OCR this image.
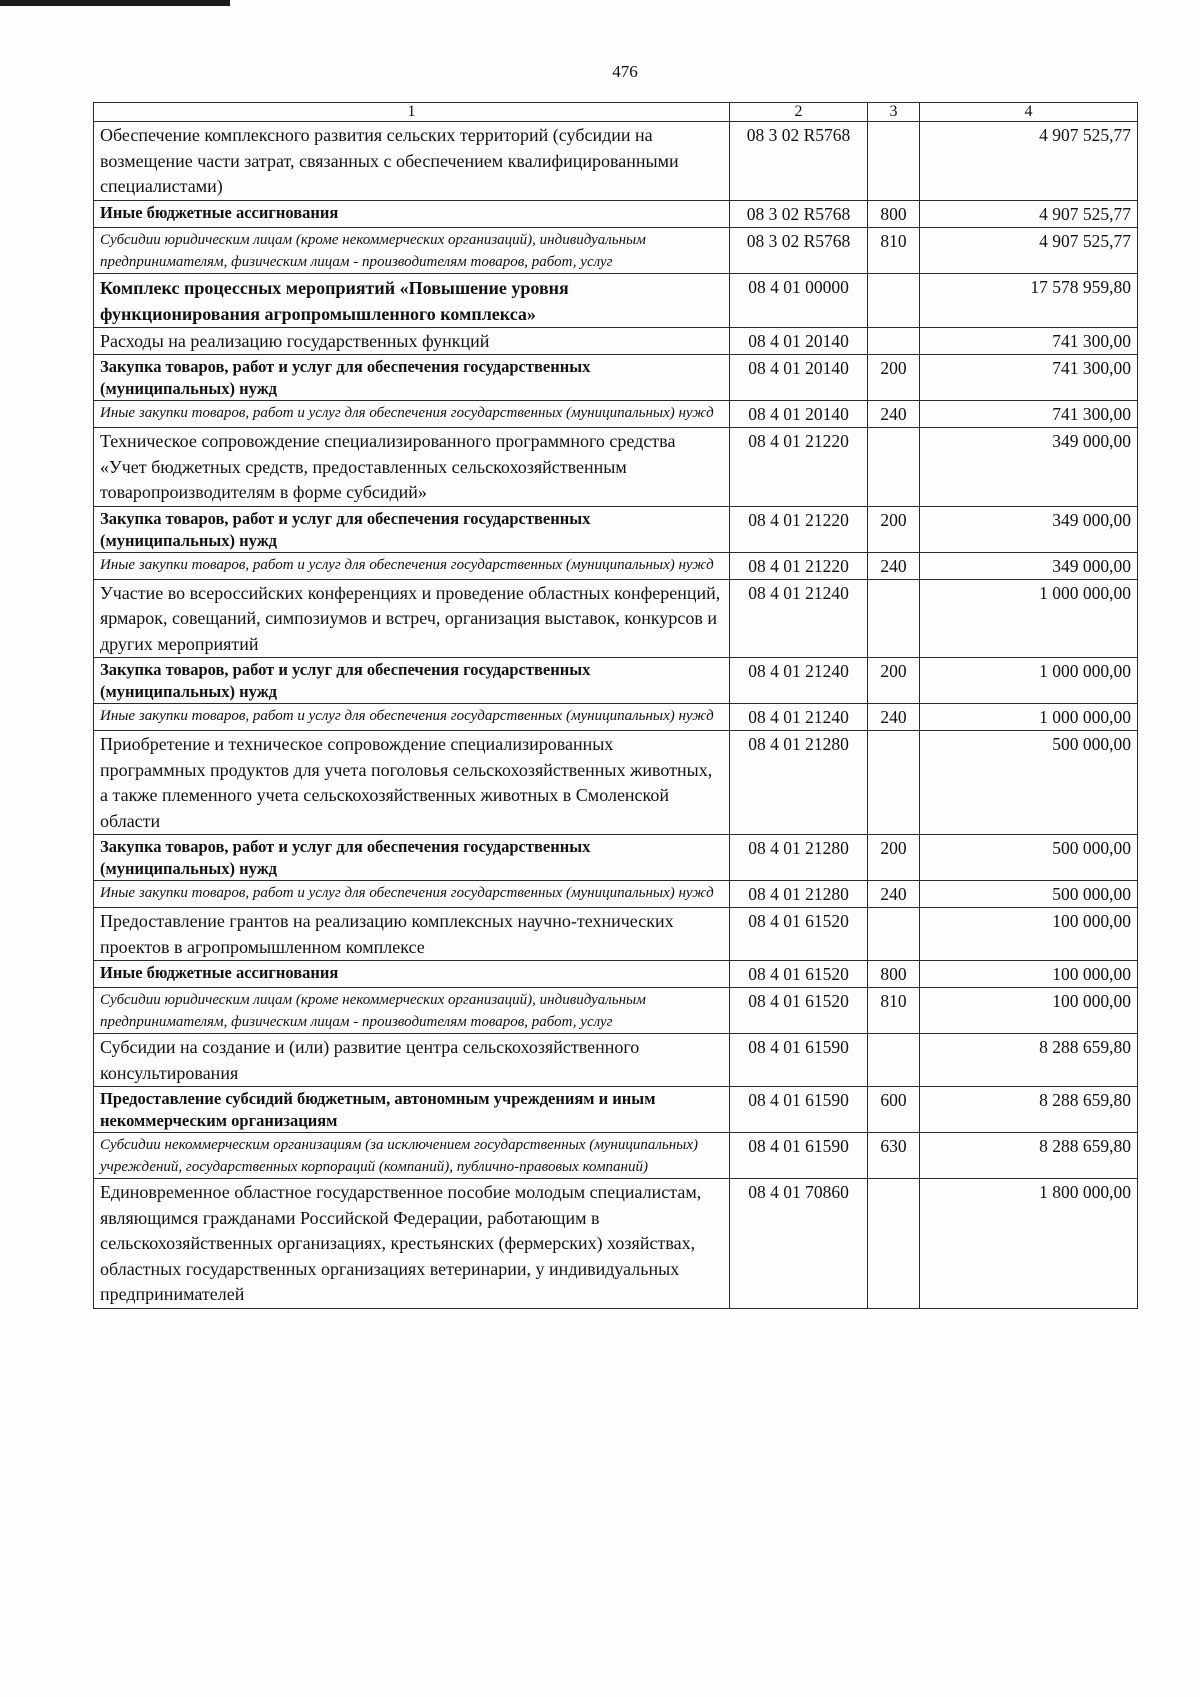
476
1	2	3	4
Обеспечение комплексного развития сельских территорий (субсидии на возмещение части затрат, связанных с обеспечением квалифицированными специалистами)	08 3 02 R5768		4 907 525,77
Иные бюджетные ассигнования	08 3 02 R5768	800	4 907 525,77
Субсидии юридическим лицам (кроме некоммерческих организаций), индивидуальным предпринимателям, физическим лицам - производителям товаров, работ, услуг	08 3 02 R5768	810	4 907 525,77
Комплекс процессных мероприятий «Повышение уровня функционирования агропромышленного комплекса»	08 4 01 00000		17 578 959,80
Расходы на реализацию государственных функций	08 4 01 20140		741 300,00
Закупка товаров, работ и услуг для обеспечения государственных (муниципальных) нужд	08 4 01 20140	200	741 300,00
Иные закупки товаров, работ и услуг для обеспечения государственных (муниципальных) нужд	08 4 01 20140	240	741 300,00
Техническое сопровождение специализированного программного средства «Учет бюджетных средств, предоставленных сельскохозяйственным товаропроизводителям в форме субсидий»	08 4 01 21220		349 000,00
Закупка товаров, работ и услуг для обеспечения государственных (муниципальных) нужд	08 4 01 21220	200	349 000,00
Иные закупки товаров, работ и услуг для обеспечения государственных (муниципальных) нужд	08 4 01 21220	240	349 000,00
Участие во всероссийских конференциях и проведение областных конференций, ярмарок, совещаний, симпозиумов и встреч, организация выставок, конкурсов и других мероприятий	08 4 01 21240		1 000 000,00
Закупка товаров, работ и услуг для обеспечения государственных (муниципальных) нужд	08 4 01 21240	200	1 000 000,00
Иные закупки товаров, работ и услуг для обеспечения государственных (муниципальных) нужд	08 4 01 21240	240	1 000 000,00
Приобретение и техническое сопровождение специализированных программных продуктов для учета поголовья сельскохозяйственных животных, а также племенного учета сельскохозяйственных животных в Смоленской области	08 4 01 21280		500 000,00
Закупка товаров, работ и услуг для обеспечения государственных (муниципальных) нужд	08 4 01 21280	200	500 000,00
Иные закупки товаров, работ и услуг для обеспечения государственных (муниципальных) нужд	08 4 01 21280	240	500 000,00
Предоставление грантов на реализацию комплексных научно-технических проектов в агропромышленном комплексе	08 4 01 61520		100 000,00
Иные бюджетные ассигнования	08 4 01 61520	800	100 000,00
Субсидии юридическим лицам (кроме некоммерческих организаций), индивидуальным предпринимателям, физическим лицам - производителям товаров, работ, услуг	08 4 01 61520	810	100 000,00
Субсидии на создание и (или) развитие центра сельскохозяйственного консультирования	08 4 01 61590		8 288 659,80
Предоставление субсидий бюджетным, автономным учреждениям и иным некоммерческим организациям	08 4 01 61590	600	8 288 659,80
Субсидии некоммерческим организациям (за исключением государственных (муниципальных) учреждений, государственных корпораций (компаний), публично-правовых компаний)	08 4 01 61590	630	8 288 659,80
Единовременное областное государственное пособие молодым специалистам, являющимся гражданами Российской Федерации, работающим в сельскохозяйственных организациях, крестьянских (фермерских) хозяйствах, областных государственных организациях ветеринарии, у индивидуальных предпринимателей	08 4 01 70860		1 800 000,00
